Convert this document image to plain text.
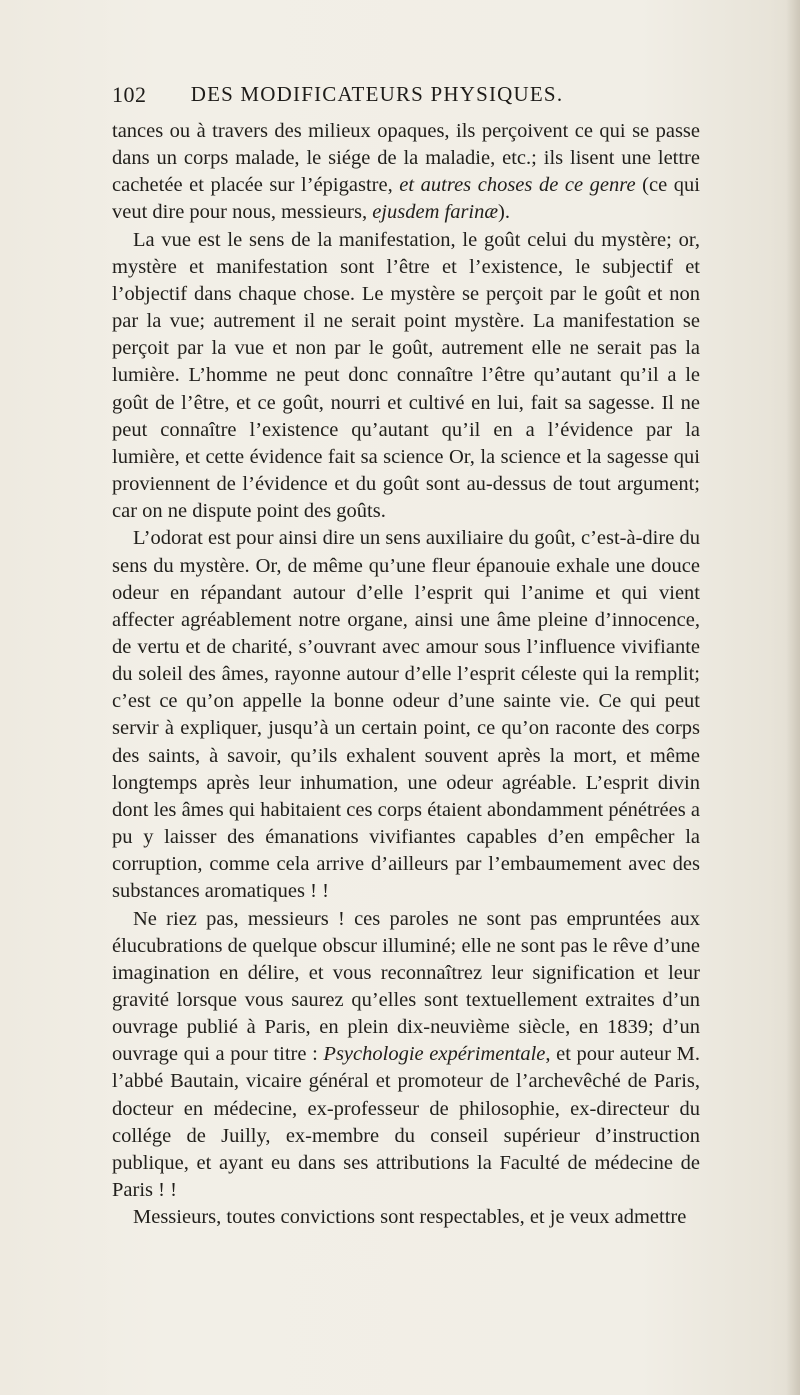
102	DES MODIFICATEURS PHYSIQUES.

tances ou à travers des milieux opaques, ils perçoivent ce qui se passe dans un corps malade, le siége de la maladie, etc.; ils lisent une lettre cachetée et placée sur l’épigastre, et autres choses de ce genre (ce qui veut dire pour nous, messieurs, ejusdem farinæ).

La vue est le sens de la manifestation, le goût celui du mystère; or, mystère et manifestation sont l’être et l’existence, le subjectif et l’objectif dans chaque chose. Le mystère se perçoit par le goût et non par la vue; autrement il ne serait point mystère. La manifestation se perçoit par la vue et non par le goût, autrement elle ne serait pas la lumière. L’homme ne peut donc connaître l’être qu’autant qu’il a le goût de l’être, et ce goût, nourri et cultivé en lui, fait sa sagesse. Il ne peut connaître l’existence qu’autant qu’il en a l’évidence par la lumière, et cette évidence fait sa science Or, la science et la sagesse qui proviennent de l’évidence et du goût sont au-dessus de tout argument; car on ne dispute point des goûts.

L’odorat est pour ainsi dire un sens auxiliaire du goût, c’est-à-dire du sens du mystère. Or, de même qu’une fleur épanouie exhale une douce odeur en répandant autour d’elle l’esprit qui l’anime et qui vient affecter agréablement notre organe, ainsi une âme pleine d’innocence, de vertu et de charité, s’ouvrant avec amour sous l’influence vivifiante du soleil des âmes, rayonne autour d’elle l’esprit céleste qui la remplit; c’est ce qu’on appelle la bonne odeur d’une sainte vie. Ce qui peut servir à expliquer, jusqu’à un certain point, ce qu’on raconte des corps des saints, à savoir, qu’ils exhalent souvent après la mort, et même longtemps après leur inhumation, une odeur agréable. L’esprit divin dont les âmes qui habitaient ces corps étaient abondamment pénétrées a pu y laisser des émanations vivifiantes capables d’en empêcher la corruption, comme cela arrive d’ailleurs par l’embaumement avec des substances aromatiques ! !

Ne riez pas, messieurs ! ces paroles ne sont pas empruntées aux élucubrations de quelque obscur illuminé; elle ne sont pas le rêve d’une imagination en délire, et vous reconnaîtrez leur signification et leur gravité lorsque vous saurez qu’elles sont textuellement extraites d’un ouvrage publié à Paris, en plein dix-neuvième siècle, en 1839; d’un ouvrage qui a pour titre : Psychologie expérimentale, et pour auteur M. l’abbé Bautain, vicaire général et promoteur de l’archevêché de Paris, docteur en médecine, ex-professeur de philosophie, ex-directeur du collége de Juilly, ex-membre du conseil supérieur d’instruction publique, et ayant eu dans ses attributions la Faculté de médecine de Paris ! !

Messieurs, toutes convictions sont respectables, et je veux admettre
